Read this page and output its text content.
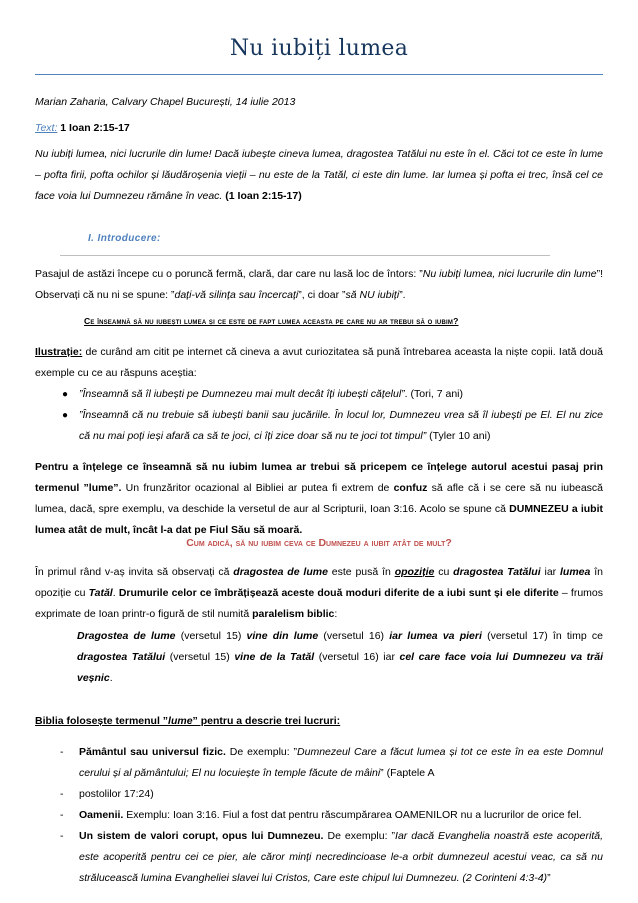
Nu iubiți lumea
Marian Zaharia, Calvary Chapel București, 14 iulie 2013
Text: 1 Ioan 2:15-17
Nu iubiți lumea, nici lucrurile din lume! Dacă iubește cineva lumea, dragostea Tatălui nu este în el. Căci tot ce este în lume – pofta firii, pofta ochilor și lăudăroșenia vieții – nu este de la Tatăl, ci este din lume. Iar lumea și pofta ei trec, însă cel ce face voia lui Dumnezeu rămâne în veac. (1 Ioan 2:15-17)
I. Introducere:
Pasajul de astăzi începe cu o poruncă fermă, clară, dar care nu lasă loc de întors: ”Nu iubiți lumea, nici lucrurile din lume”! Observați că nu ni se spune: ”dați-vă silința sau încercați”, ci doar ”să NU iubiți”.
Ce înseamnă să nu iubești lumea și ce este de fapt lumea aceasta pe care nu ar trebui să o iubim?
Ilustrație: de curând am citit pe internet că cineva a avut curiozitatea să pună întrebarea aceasta la niște copii. Iată două exemple cu ce au răspuns aceștia:
●	”Înseamnă să îl iubești pe Dumnezeu mai mult decât îți iubești cățelul”. (Tori, 7 ani)
●	”Înseamnă că nu trebuie să iubești banii sau jucăriile. În locul lor, Dumnezeu vrea să îl iubești pe El. El nu zice că nu mai poți ieși afară ca să te joci, ci îți zice doar să nu te joci tot timpul” (Tyler 10 ani)
Pentru a înțelege ce înseamnă să nu iubim lumea ar trebui să pricepem ce înțelege autorul acestui pasaj prin termenul ”lume”. Un frunzăritor ocazional al Bibliei ar putea fi extrem de confuz să afle că i se cere să nu iubească lumea, dacă, spre exemplu, va deschide la versetul de aur al Scripturii, Ioan 3:16. Acolo se spune că DUMNEZEU a iubit lumea atât de mult, încât l-a dat pe Fiul Său să moară.
Cum adică, să nu iubim ceva ce Dumnezeu a iubit atât de mult?
În primul rând v-aș invita să observați că dragostea de lume este pusă în opoziție cu dragostea Tatălui iar lumea în opoziție cu Tatăl. Drumurile celor ce îmbrățișează aceste două moduri diferite de a iubi sunt și ele diferite – frumos exprimate de Ioan printr-o figură de stil numită paralelism biblic:
Dragostea de lume (versetul 15) vine din lume (versetul 16) iar lumea va pieri (versetul 17) în timp ce dragostea Tatălui (versetul 15) vine de la Tatăl (versetul 16) iar cel care face voia lui Dumnezeu va trăi veșnic.
Biblia folosește termenul ”lume” pentru a descrie trei lucruri:
-	Pământul sau universul fizic. De exemplu: ”Dumnezeul Care a făcut lumea și tot ce este în ea este Domnul cerului și al pământului; El nu locuiește în temple făcute de mâini” (Faptele A
-	postolilor 17:24)
-	Oamenii. Exemplu: Ioan 3:16. Fiul a fost dat pentru răscumpărarea OAMENILOR nu a lucrurilor de orice fel.
-	Un sistem de valori corupt, opus lui Dumnezeu. De exemplu: ”Iar dacă Evanghelia noastră este acoperită, este acoperită pentru cei ce pier, ale căror minți necredincioase le-a orbit dumnezeul acestui veac, ca să nu strălucească lumina Evangheliei slavei lui Cristos, Care este chipul lui Dumnezeu. (2 Corinteni 4:3-4)”
